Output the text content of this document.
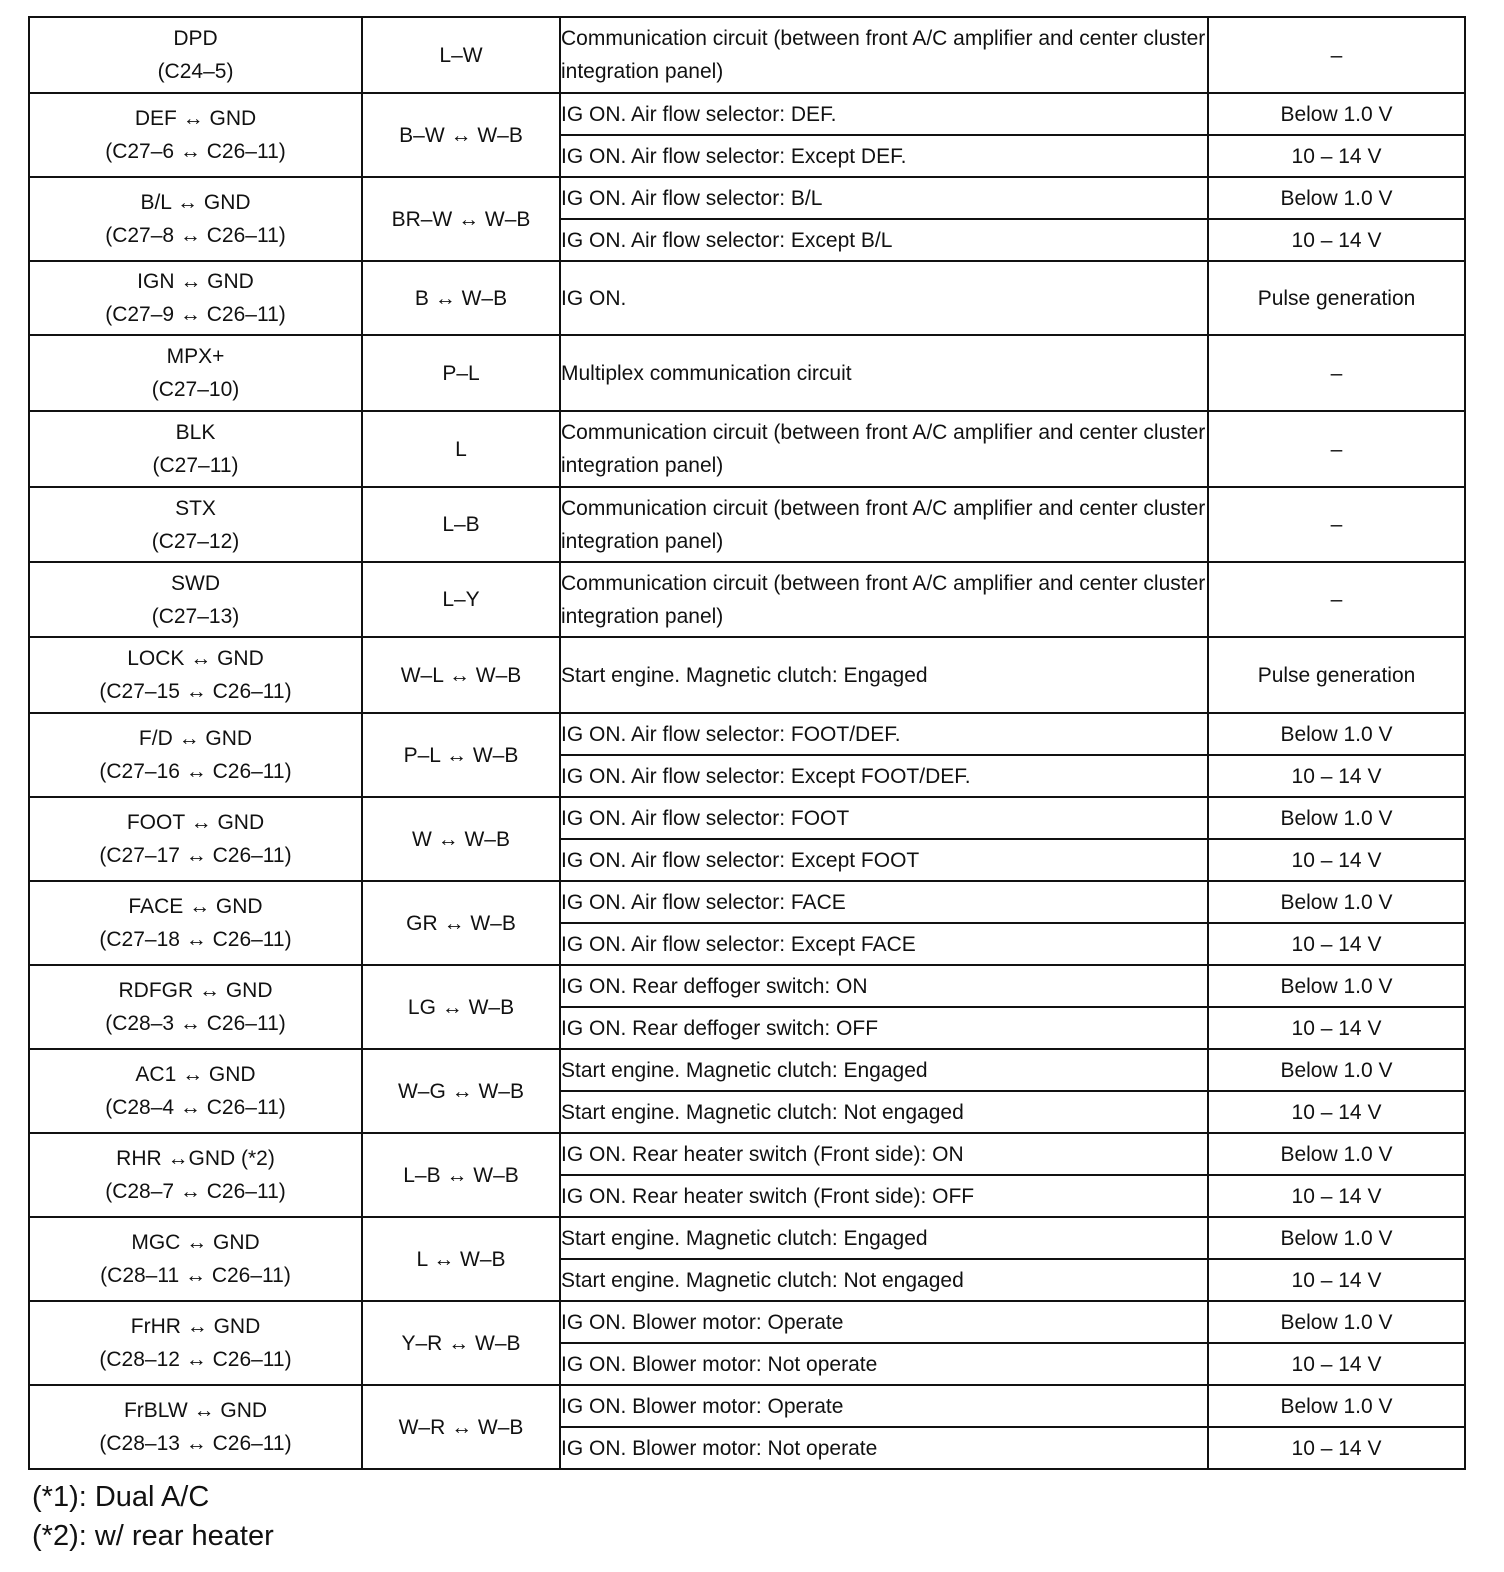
DPD
(C24–5)	L–W	Communication circuit (between front A/C amplifier and center cluster integration panel)	–

DEF ↔ GND
(C27–6 ↔ C26–11)	B–W ↔ W–B	IG ON. Air flow selector: DEF.	Below 1.0 V
		IG ON. Air flow selector: Except DEF.	10 – 14 V

B/L ↔ GND
(C27–8 ↔ C26–11)	BR–W ↔ W–B	IG ON. Air flow selector: B/L	Below 1.0 V
		IG ON. Air flow selector: Except B/L	10 – 14 V

IGN ↔ GND
(C27–9 ↔ C26–11)	B ↔ W–B	IG ON.	Pulse generation

MPX+
(C27–10)	P–L	Multiplex communication circuit	–

BLK
(C27–11)	L	Communication circuit (between front A/C amplifier and center cluster integration panel)	–

STX
(C27–12)	L–B	Communication circuit (between front A/C amplifier and center cluster integration panel)	–

SWD
(C27–13)	L–Y	Communication circuit (between front A/C amplifier and center cluster integration panel)	–

LOCK ↔ GND
(C27–15 ↔ C26–11)	W–L ↔ W–B	Start engine. Magnetic clutch: Engaged	Pulse generation

F/D ↔ GND
(C27–16 ↔ C26–11)	P–L ↔ W–B	IG ON. Air flow selector: FOOT/DEF.	Below 1.0 V
		IG ON. Air flow selector: Except FOOT/DEF.	10 – 14 V

FOOT ↔ GND
(C27–17 ↔ C26–11)	W ↔ W–B	IG ON. Air flow selector: FOOT	Below 1.0 V
		IG ON. Air flow selector: Except FOOT	10 – 14 V

FACE ↔ GND
(C27–18 ↔ C26–11)	GR ↔ W–B	IG ON. Air flow selector: FACE	Below 1.0 V
		IG ON. Air flow selector: Except FACE	10 – 14 V

RDFGR ↔ GND
(C28–3 ↔ C26–11)	LG ↔ W–B	IG ON. Rear deffoger switch: ON	Below 1.0 V
		IG ON. Rear deffoger switch: OFF	10 – 14 V

AC1 ↔ GND
(C28–4 ↔ C26–11)	W–G ↔ W–B	Start engine. Magnetic clutch: Engaged	Below 1.0 V
		Start engine. Magnetic clutch: Not engaged	10 – 14 V

RHR ↔GND (*2)
(C28–7 ↔ C26–11)	L–B ↔ W–B	IG ON. Rear heater switch (Front side): ON	Below 1.0 V
		IG ON. Rear heater switch (Front side): OFF	10 – 14 V

MGC ↔ GND
(C28–11 ↔ C26–11)	L ↔ W–B	Start engine. Magnetic clutch: Engaged	Below 1.0 V
		Start engine. Magnetic clutch: Not engaged	10 – 14 V

FrHR ↔ GND
(C28–12 ↔ C26–11)	Y–R ↔ W–B	IG ON. Blower motor: Operate	Below 1.0 V
		IG ON. Blower motor: Not operate	10 – 14 V

FrBLW ↔ GND
(C28–13 ↔ C26–11)	W–R ↔ W–B	IG ON. Blower motor: Operate	Below 1.0 V
		IG ON. Blower motor: Not operate	10 – 14 V
(*1): Dual A/C
(*2): w/ rear heater
